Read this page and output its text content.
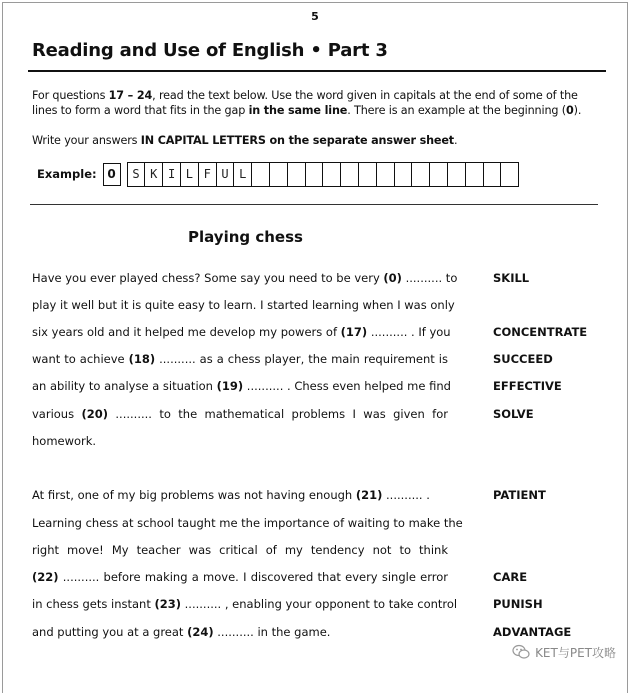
5
Reading and Use of English • Part 3
For questions 17 – 24, read the text below. Use the word given in capitals at the end of some of the lines to form a word that fits in the gap in the same line. There is an example at the beginning (0).
Write your answers IN CAPITAL LETTERS on the separate answer sheet.
Example: 0	S K I L F U L
Playing chess
Have you ever played chess? Some say you need to be very (0) .......... to
play it well but it is quite easy to learn. I started learning when I was only
six years old and it helped me develop my powers of (17) .......... . If you
want to achieve (18) .......... as a chess player, the main requirement is
an ability to analyse a situation (19) .......... . Chess even helped me find
various (20) .......... to the mathematical problems I was given for
homework.
At first, one of my big problems was not having enough (21) .......... .
Learning chess at school taught me the importance of waiting to make the
right move! My teacher was critical of my tendency not to think
(22) .......... before making a move. I discovered that every single error
in chess gets instant (23) .......... , enabling your opponent to take control
and putting you at a great (24) .......... in the game.
SKILL
CONCENTRATE
SUCCEED
EFFECTIVE
SOLVE
PATIENT
CARE
PUNISH
ADVANTAGE
KET与PET攻略
